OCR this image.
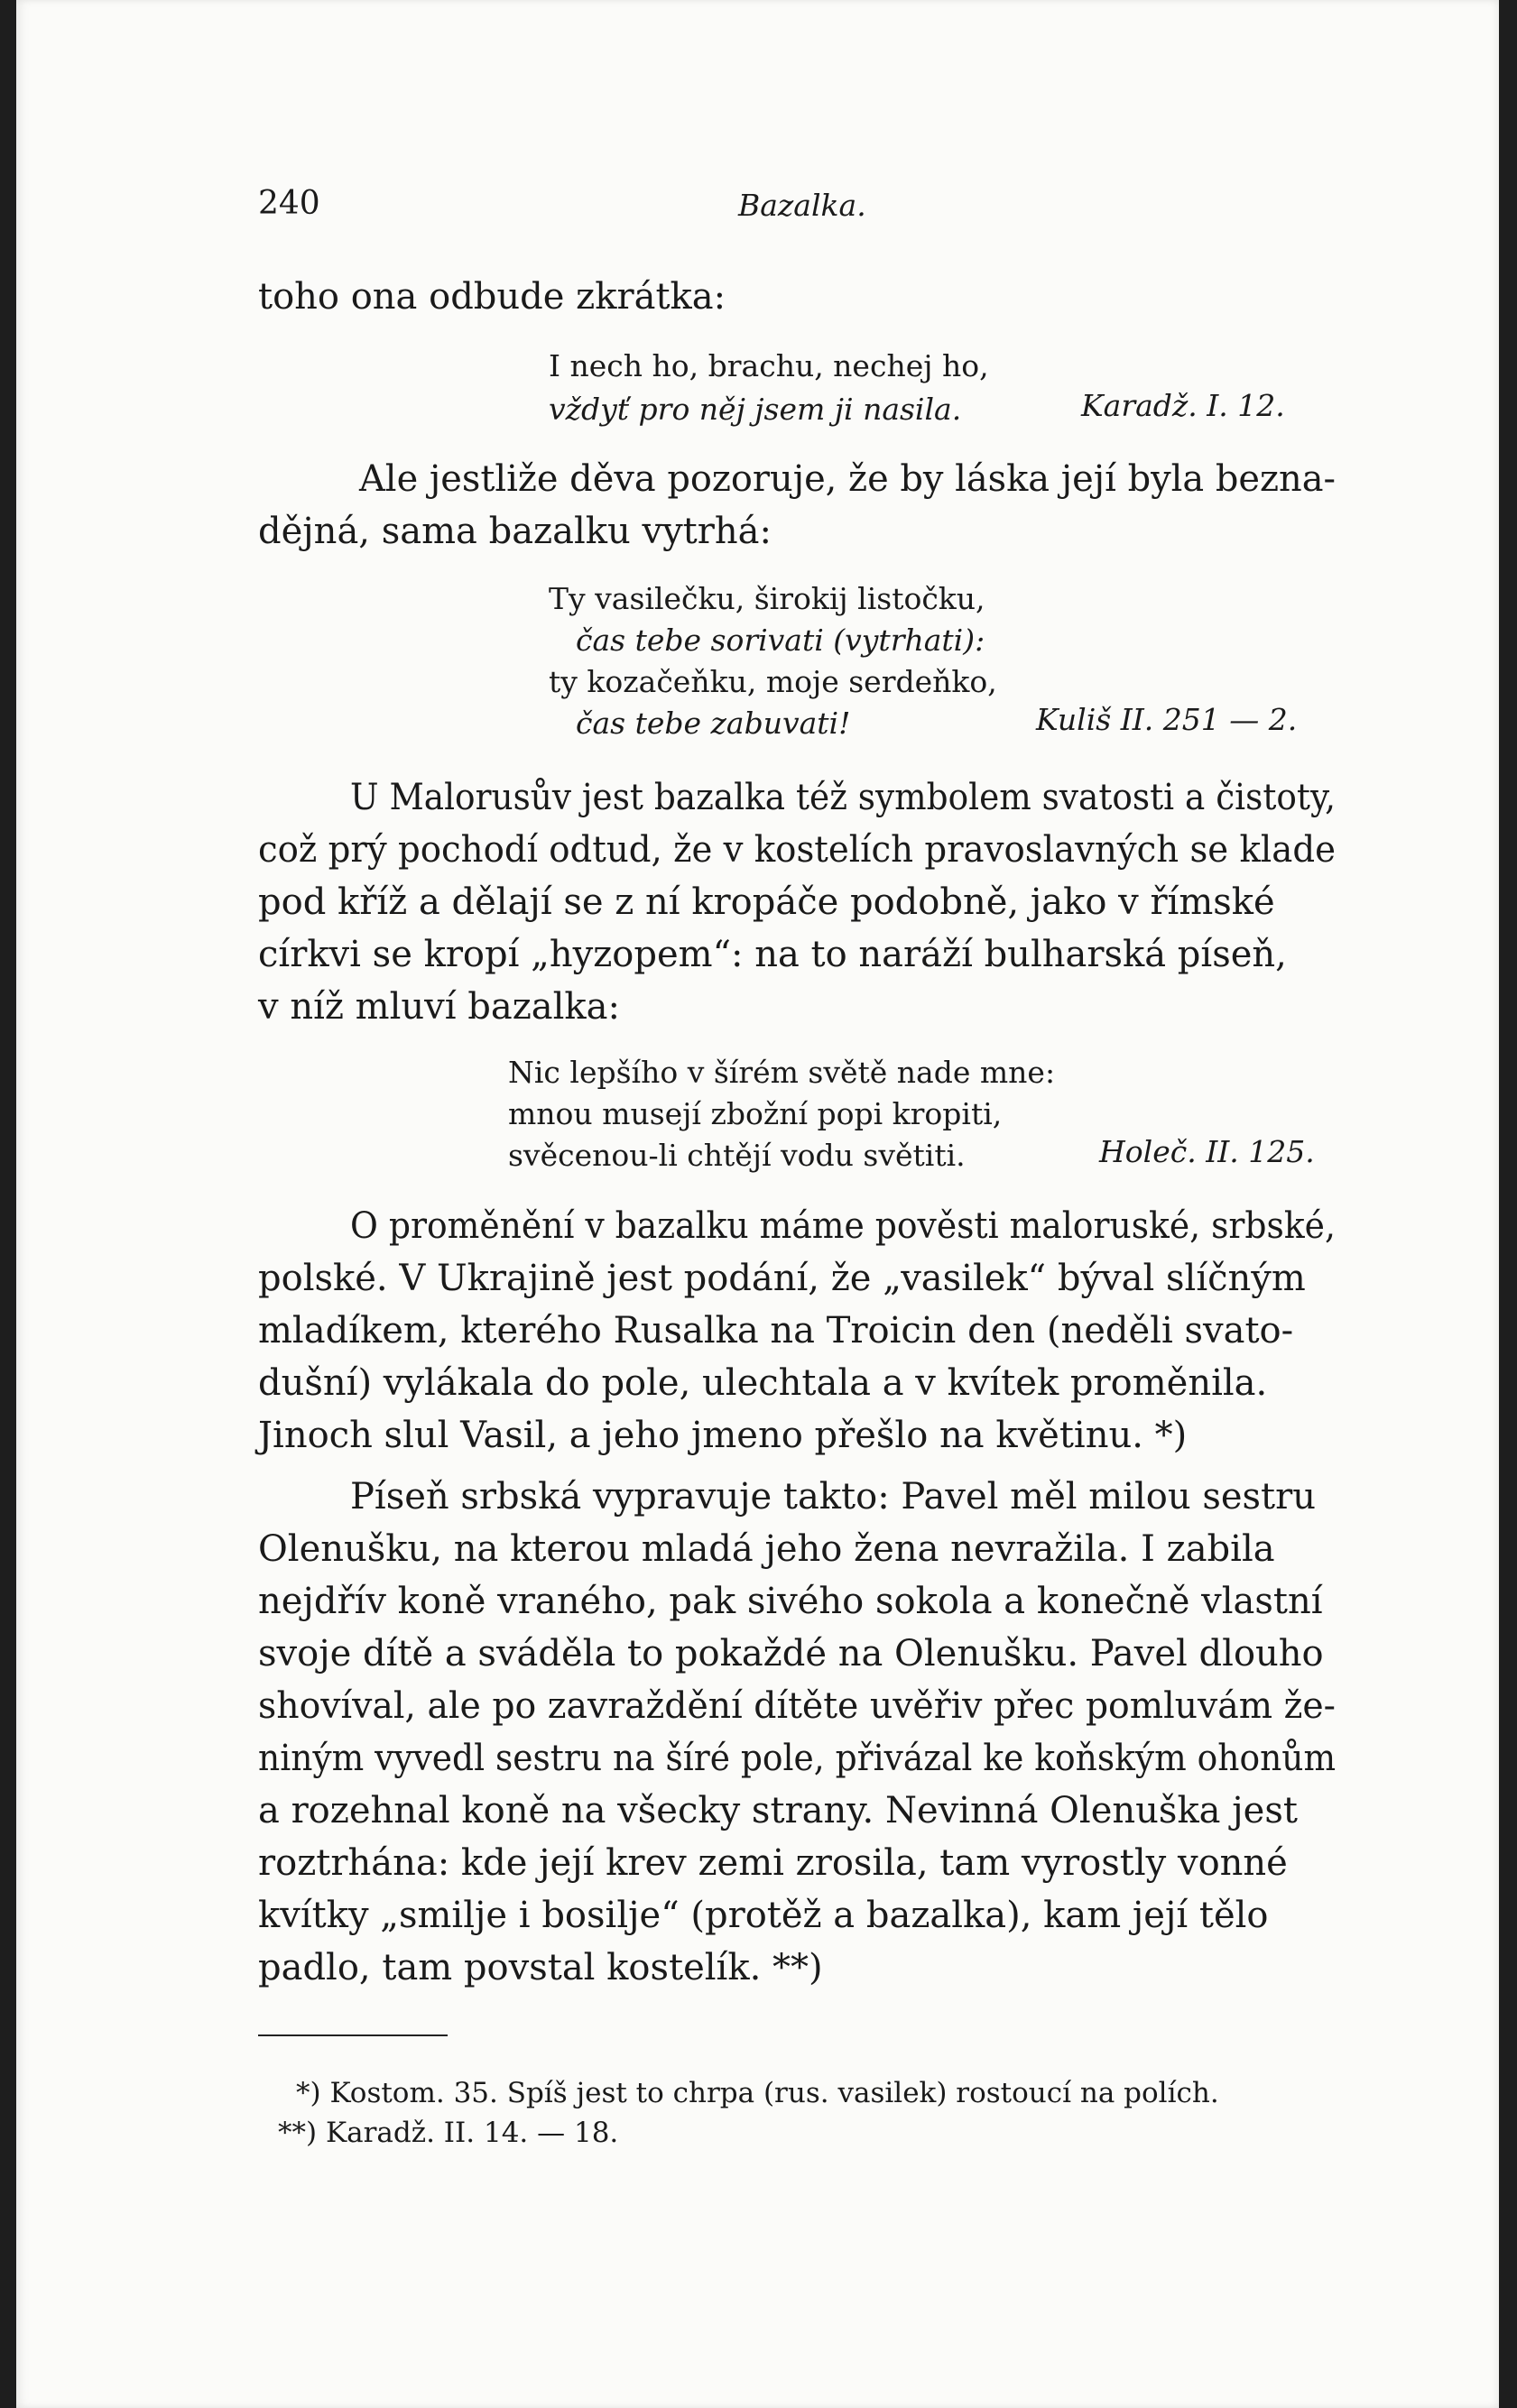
240	Bazalka.
toho ona odbude zkrátka:
I nech ho, brachu, nechej ho,
vždyť pro něj jsem ji nasila.	Karadž. I. 12.
Ale jestliže děva pozoruje, že by láska její byla bezna-
dějná, sama bazalku vytrhá:
Ty vasilečku, širokij listočku,
čas tebe sorivati (vytrhati):
ty kozačeňku, moje serdeňko,
čas tebe zabuvati!	Kuliš II. 251 — 2.
U Malorusův jest bazalka též symbolem svatosti a čistoty,
což prý pochodí odtud, že v kostelích pravoslavných se klade
pod kříž a dělají se z ní kropáče podobně, jako v římské
církvi se kropí „hyzopem“: na to naráží bulharská píseň,
v níž mluví bazalka:
Nic lepšího v šírém světě nade mne:
mnou musejí zbožní popi kropiti,
svěcenou-li chtějí vodu světiti.	Holeč. II. 125.
O proměnění v bazalku máme pověsti maloruské, srbské,
polské. V Ukrajině jest podání, že „vasilek“ býval slíčným
mladíkem, kterého Rusalka na Troicin den (neděli svato-
dušní) vylákala do pole, ulechtala a v kvítek proměnila.
Jinoch slul Vasil, a jeho jmeno přešlo na květinu. *)
Píseň srbská vypravuje takto: Pavel měl milou sestru
Olenušku, na kterou mladá jeho žena nevražila. I zabila
nejdřív koně vraného, pak sivého sokola a konečně vlastní
svoje dítě a sváděla to pokaždé na Olenušku. Pavel dlouho
shovíval, ale po zavraždění dítěte uvěřiv přec pomluvám že-
niným vyvedl sestru na šíré pole, přivázal ke koňským ohonům
a rozehnal koně na všecky strany. Nevinná Olenuška jest
roztrhána: kde její krev zemi zrosila, tam vyrostly vonné
kvítky „smilje i bosilje“ (protěž a bazalka), kam její tělo
padlo, tam povstal kostelík. **)
*) Kostom. 35. Spíš jest to chrpa (rus. vasilek) rostoucí na polích.
**) Karadž. II. 14. — 18.
